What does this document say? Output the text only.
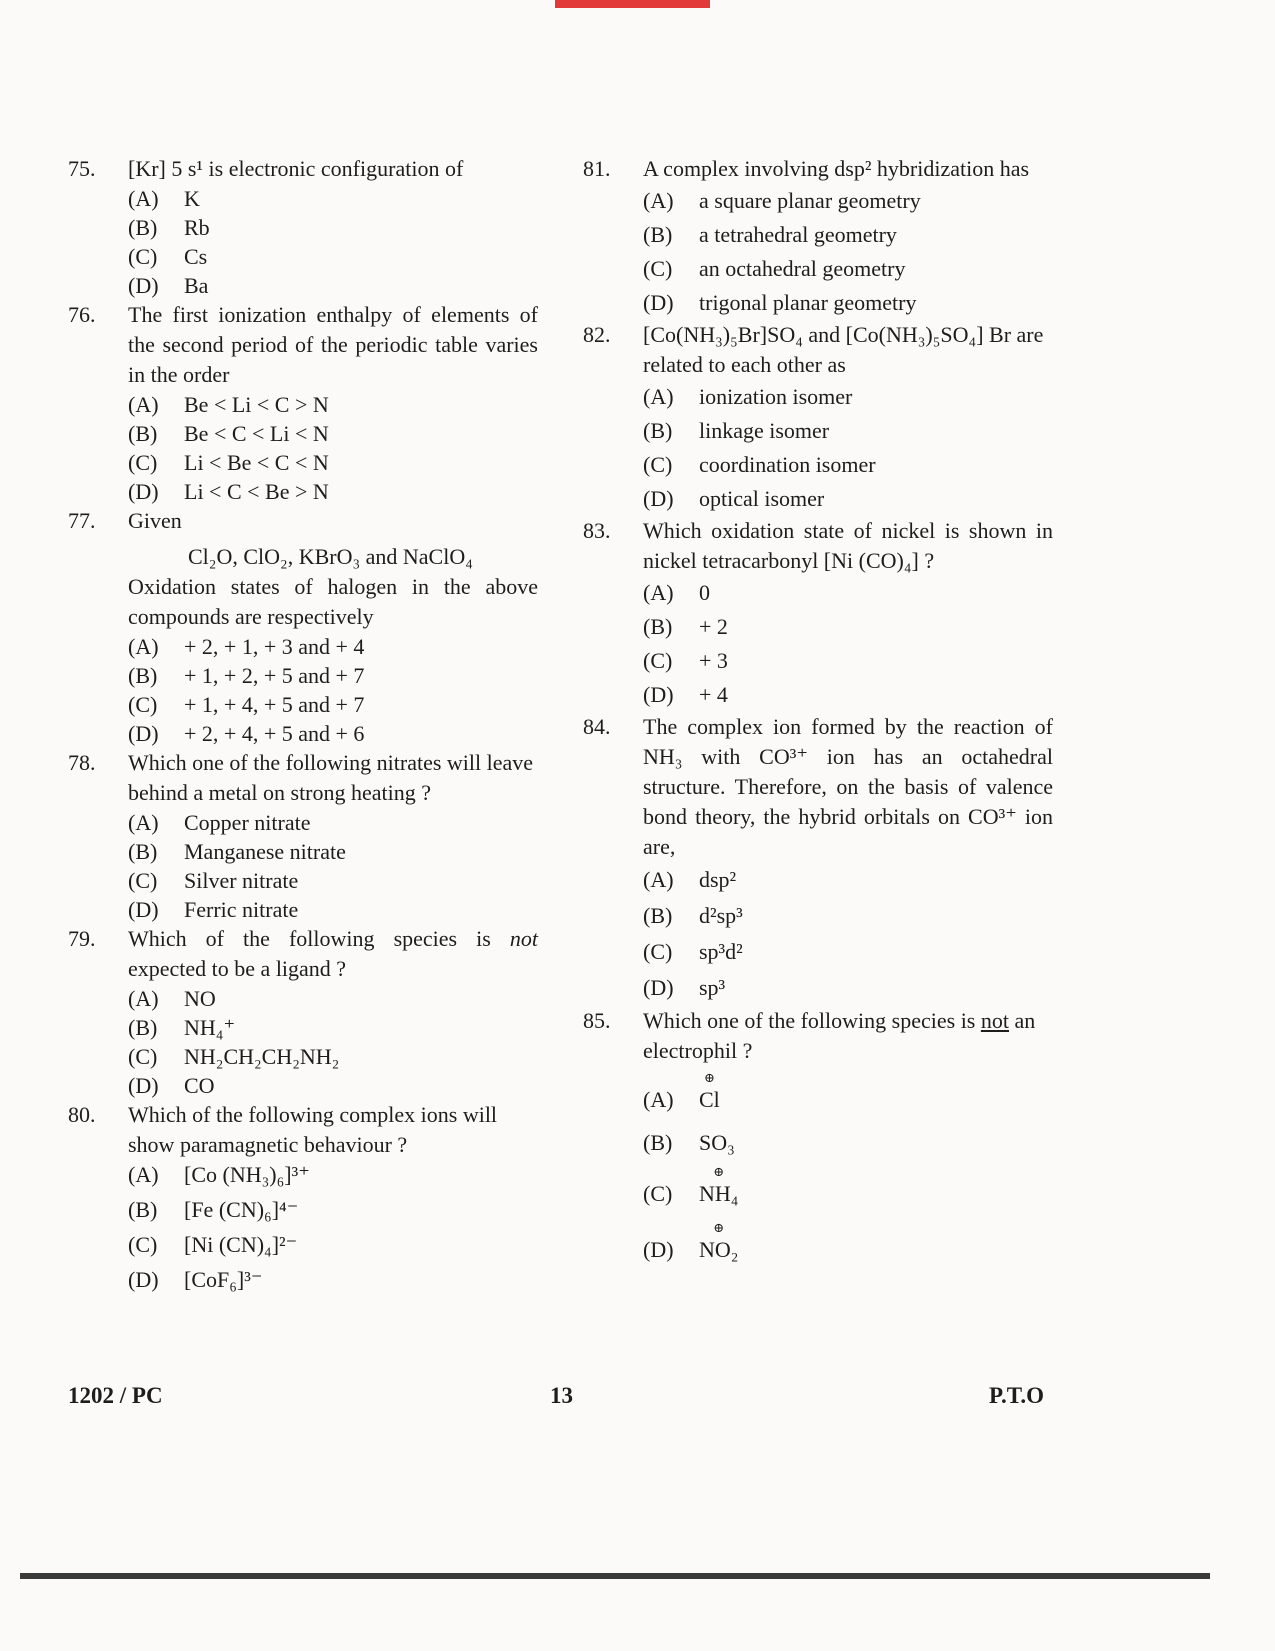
75. [Kr] 5 s¹ is electronic configuration of

(A)	K
(B)	Rb
(C)	Cs
(D)	Ba
76. The first ionization enthalpy of elements of the second period of the periodic table varies in the order

(A)	Be < Li < C > N
(B)	Be < C < Li < N
(C)	Li < Be < C < N
(D)	Li < C < Be > N
77. Given

Cl₂O, ClO₂, KBrO₃ and NaClO₄

Oxidation states of halogen in the above compounds are respectively

(A)	+ 2, + 1, + 3 and + 4
(B)	+ 1, + 2, + 5 and + 7
(C)	+ 1, + 4, + 5 and + 7
(D)	+ 2, + 4, + 5 and + 6
78. Which one of the following nitrates will leave behind a metal on strong heating ?

(A)	Copper nitrate
(B)	Manganese nitrate
(C)	Silver nitrate
(D)	Ferric nitrate
79. Which of the following species is not expected to be a ligand ?

(A)	NO
(B)	NH₄⁺
(C)	NH₂CH₂CH₂NH₂
(D)	CO
80. Which of the following complex ions will show paramagnetic behaviour ?

(A)	[Co (NH₃)₆]³⁺
(B)	[Fe (CN)₆]⁴⁻
(C)	[Ni (CN)₄]²⁻
(D)	[CoF₆]³⁻
81. A complex involving dsp² hybridization has

(A)	a square planar geometry
(B)	a tetrahedral geometry
(C)	an octahedral geometry
(D)	trigonal planar geometry
82. [Co(NH₃)₅Br]SO₄ and [Co(NH₃)₅SO₄] Br are related to each other as

(A)	ionization isomer
(B)	linkage isomer
(C)	coordination isomer
(D)	optical isomer
83. Which oxidation state of nickel is shown in nickel tetracarbonyl [Ni (CO)₄] ?

(A)	0
(B)	+ 2
(C)	+ 3
(D)	+ 4
84. The complex ion formed by the reaction of NH₃ with CO³⁺ ion has an octahedral structure. Therefore, on the basis of valence bond theory, the hybrid orbitals on CO³⁺ ion are,

(A)	dsp²
(B)	d²sp³
(C)	sp³d²
(D)	sp³
85. Which one of the following species is not an electrophil ?

(A)
⊕
Cl
(B)	SO₃
(C)
⊕
NH₄
(D)
⊕
NO₂
1202 / PC	13	P.T.O
